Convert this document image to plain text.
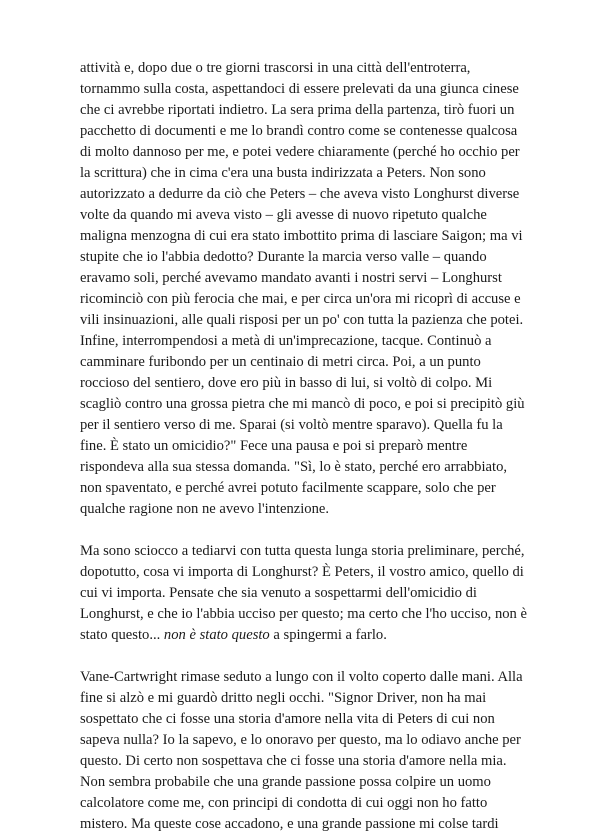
attività e, dopo due o tre giorni trascorsi in una città dell'entroterra, tornammo sulla costa, aspettandoci di essere prelevati da una giunca cinese che ci avrebbe riportati indietro. La sera prima della partenza, tirò fuori un pacchetto di documenti e me lo brandì contro come se contenesse qualcosa di molto dannoso per me, e potei vedere chiaramente (perché ho occhio per la scrittura) che in cima c'era una busta indirizzata a Peters. Non sono autorizzato a dedurre da ciò che Peters – che aveva visto Longhurst diverse volte da quando mi aveva visto – gli avesse di nuovo ripetuto qualche maligna menzogna di cui era stato imbottito prima di lasciare Saigon; ma vi stupite che io l'abbia dedotto? Durante la marcia verso valle – quando eravamo soli, perché avevamo mandato avanti i nostri servi – Longhurst ricominciò con più ferocia che mai, e per circa un'ora mi ricoprì di accuse e vili insinuazioni, alle quali risposi per un po' con tutta la pazienza che potei. Infine, interrompendosi a metà di un'imprecazione, tacque. Continuò a camminare furibondo per un centinaio di metri circa. Poi, a un punto roccioso del sentiero, dove ero più in basso di lui, si voltò di colpo. Mi scagliò contro una grossa pietra che mi mancò di poco, e poi si precipitò giù per il sentiero verso di me. Sparai (si voltò mentre sparavo). Quella fu la fine. È stato un omicidio?" Fece una pausa e poi si preparò mentre rispondeva alla sua stessa domanda. "Sì, lo è stato, perché ero arrabbiato, non spaventato, e perché avrei potuto facilmente scappare, solo che per qualche ragione non ne avevo l'intenzione.

Ma sono sciocco a tediarvi con tutta questa lunga storia preliminare, perché, dopotutto, cosa vi importa di Longhurst? È Peters, il vostro amico, quello di cui vi importa. Pensate che sia venuto a sospettarmi dell'omicidio di Longhurst, e che io l'abbia ucciso per questo; ma certo che l'ho ucciso, non è stato questo... non è stato questo a spingermi a farlo.

Vane-Cartwright rimase seduto a lungo con il volto coperto dalle mani. Alla fine si alzò e mi guardò dritto negli occhi. "Signor Driver, non ha mai sospettato che ci fosse una storia d'amore nella vita di Peters di cui non sapeva nulla? Io la sapevo, e lo onoravo per questo, ma lo odiavo anche per questo. Di certo non sospettava che ci fosse una storia d'amore nella mia. Non sembra probabile che una grande passione possa colpire un uomo calcolatore come me, con principi di condotta di cui oggi non ho fatto mistero. Ma queste cose accadono, e una grande passione mi colse tardi
